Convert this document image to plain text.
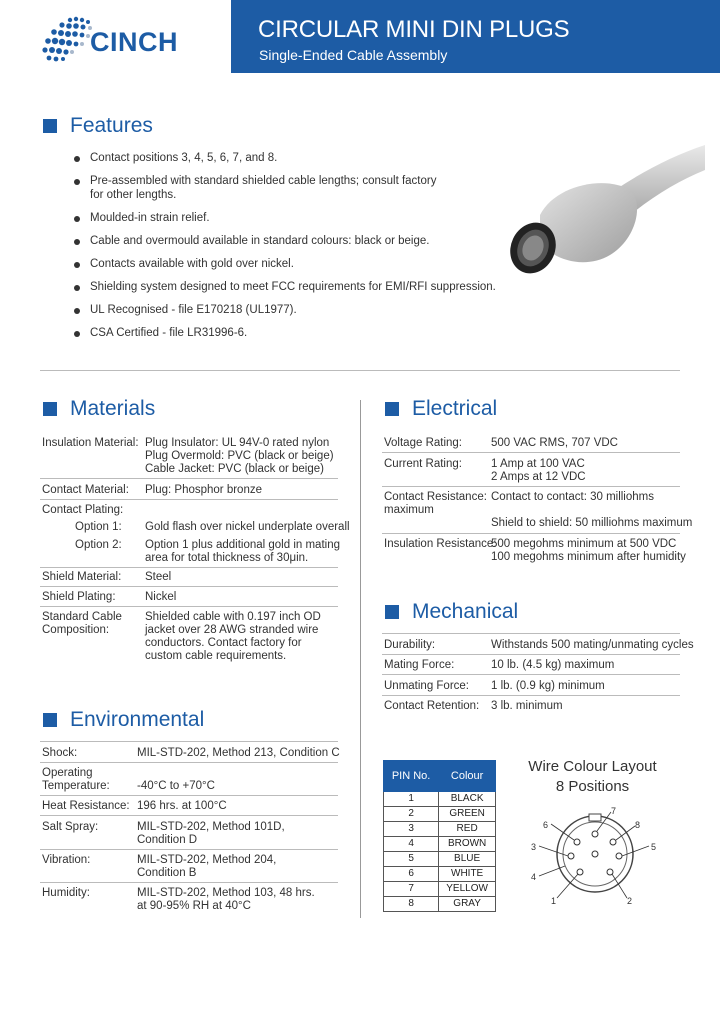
CIRCULAR MINI DIN PLUGS
Single-Ended Cable Assembly
CINCH
Features
Contact positions 3, 4, 5, 6, 7, and 8.
Pre-assembled with standard shielded cable lengths; consult factory
for other lengths.
Moulded-in strain relief.
Cable and overmould available in standard colours: black or beige.
Contacts available with gold over nickel.
Shielding system designed to meet FCC requirements for EMI/RFI suppression.
UL Recognised - file E170218 (UL1977).
CSA Certified - file LR31996-6.
Materials
Insulation Material: Plug Insulator: UL 94V-0 rated nylon
Plug Overmold: PVC (black or beige)
Cable Jacket: PVC (black or beige)
Contact Material: Plug: Phosphor bronze
Contact Plating:
Option 1: Gold flash over nickel underplate overall
Option 2: Option 1 plus additional gold in mating
area for total thickness of 30μin.
Shield Material: Steel
Shield Plating:	Nickel
Standard Cable
Composition:
Shielded cable with 0.197 inch OD
jacket over 28 AWG stranded wire
conductors. Contact factory for
custom cable requirements.
Environmental
Shock:	MIL-STD-202, Method 213, Condition C
Operating
Temperature: -40°C to +70°C
Heat Resistance: 196 hrs. at 100°C
Salt Spray:	MIL-STD-202, Method 101D,
Condition D
Vibration:	MIL-STD-202, Method 204,
Condition B
Humidity:	MIL-STD-202, Method 103, 48 hrs.
at 90-95% RH at 40°C
Electrical
Voltage Rating:	500 VAC RMS, 707 VDC
Current Rating:	1 Amp at 100 VAC
2 Amps at 12 VDC
Contact Resistance:
maximum
Contact to contact: 30 milliohms
Shield to shield: 50 milliohms maximum
Insulation Resistance:
500 megohms minimum at 500 VDC
100 megohms minimum after humidity
Mechanical
Durability:	Withstands 500 mating/unmating cycles
Mating Force:	10 lb. (4.5 kg) maximum
Unmating Force: 1 lb. (0.9 kg) minimum
Contact Retention: 3 lb. minimum
PIN No.	Colour
1	BLACK
2	GREEN
3	RED
4	BROWN
5	BLUE
6	WHITE
7	YELLOW
8	GRAY
Wire Colour Layout
8 Positions
1	2
3
4
5
6
7
8
